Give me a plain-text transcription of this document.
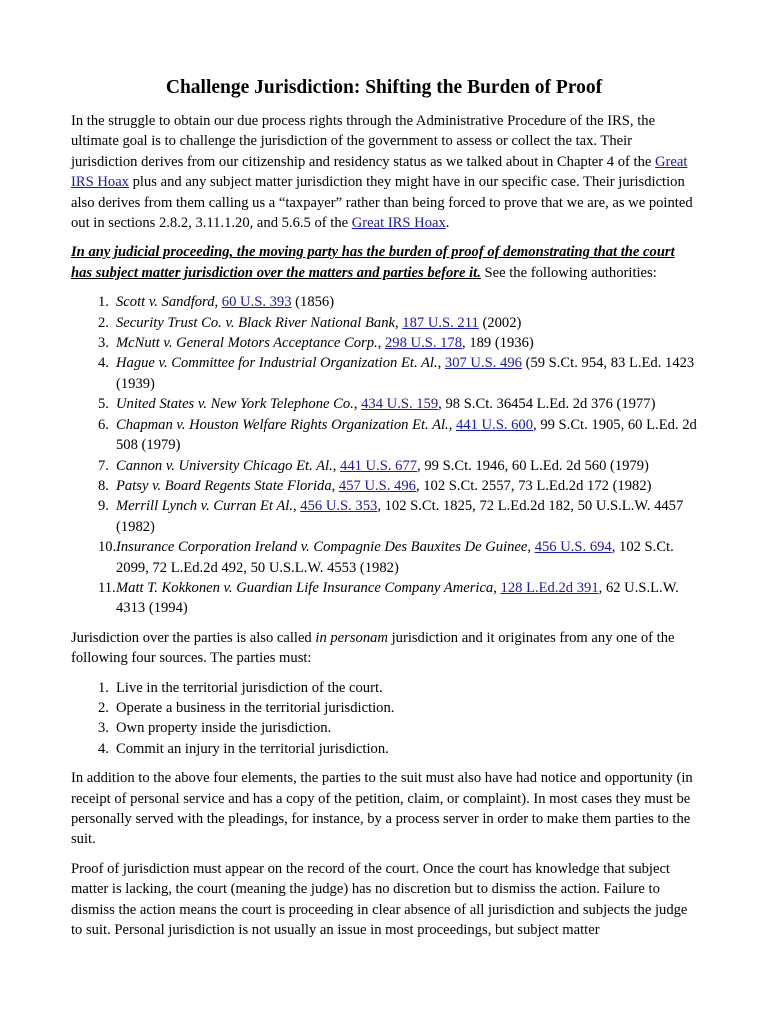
Challenge Jurisdiction: Shifting the Burden of Proof

In the struggle to obtain our due process rights through the Administrative Procedure of the IRS, the ultimate goal is to challenge the jurisdiction of the government to assess or collect the tax. Their jurisdiction derives from our citizenship and residency status as we talked about in Chapter 4 of the Great IRS Hoax plus and any subject matter jurisdiction they might have in our specific case. Their jurisdiction also derives from them calling us a “taxpayer” rather than being forced to prove that we are, as we pointed out in sections 2.8.2, 3.11.1.20, and 5.6.5 of the Great IRS Hoax.

In any judicial proceeding, the moving party has the burden of proof of demonstrating that the court has subject matter jurisdiction over the matters and parties before it. See the following authorities:

1. Scott v. Sandford, 60 U.S. 393 (1856)
2. Security Trust Co. v. Black River National Bank, 187 U.S. 211 (2002)
3. McNutt v. General Motors Acceptance Corp., 298 U.S. 178, 189 (1936)
4. Hague v. Committee for Industrial Organization Et. Al., 307 U.S. 496 (59 S.Ct. 954, 83 L.Ed. 1423 (1939)
5. United States v. New York Telephone Co., 434 U.S. 159, 98 S.Ct. 36454 L.Ed. 2d 376 (1977)
6. Chapman v. Houston Welfare Rights Organization Et. Al., 441 U.S. 600, 99 S.Ct. 1905, 60 L.Ed. 2d 508 (1979)
7. Cannon v. University Chicago Et. Al., 441 U.S. 677, 99 S.Ct. 1946, 60 L.Ed. 2d 560 (1979)
8. Patsy v. Board Regents State Florida, 457 U.S. 496, 102 S.Ct. 2557, 73 L.Ed.2d 172 (1982)
9. Merrill Lynch v. Curran Et Al., 456 U.S. 353, 102 S.Ct. 1825, 72 L.Ed.2d 182, 50 U.S.L.W. 4457 (1982)
10. Insurance Corporation Ireland v. Compagnie Des Bauxites De Guinee, 456 U.S. 694, 102 S.Ct. 2099, 72 L.Ed.2d 492, 50 U.S.L.W. 4553 (1982)
11. Matt T. Kokkonen v. Guardian Life Insurance Company America, 128 L.Ed.2d 391, 62 U.S.L.W. 4313 (1994)

Jurisdiction over the parties is also called in personam jurisdiction and it originates from any one of the following four sources. The parties must:

1. Live in the territorial jurisdiction of the court.
2. Operate a business in the territorial jurisdiction.
3. Own property inside the jurisdiction.
4. Commit an injury in the territorial jurisdiction.

In addition to the above four elements, the parties to the suit must also have had notice and opportunity (in receipt of personal service and has a copy of the petition, claim, or complaint). In most cases they must be personally served with the pleadings, for instance, by a process server in order to make them parties to the suit.

Proof of jurisdiction must appear on the record of the court. Once the court has knowledge that subject matter is lacking, the court (meaning the judge) has no discretion but to dismiss the action. Failure to dismiss the action means the court is proceeding in clear absence of all jurisdiction and subjects the judge to suit. Personal jurisdiction is not usually an issue in most proceedings, but subject matter
